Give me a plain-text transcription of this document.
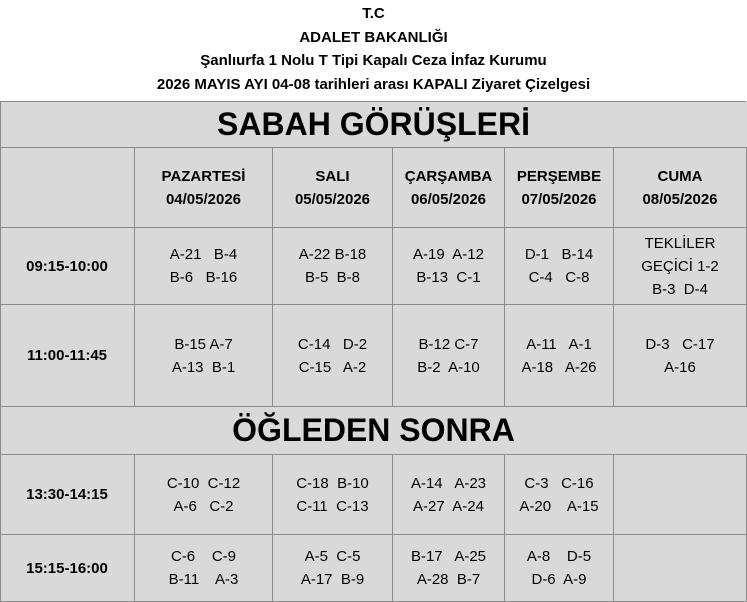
T.C
ADALET BAKANLIĞI
Şanlıurfa 1 Nolu T Tipi Kapalı Ceza İnfaz Kurumu
2026 MAYIS AYI 04-08 tarihleri arası KAPALI Ziyaret Çizelgesi
SABAH GÖRÜŞLERİ
PAZARTESİ
04/05/2026
SALI
05/05/2026
ÇARŞAMBA
06/05/2026
PERŞEMBE
07/05/2026
CUMA
08/05/2026
09:15-10:00
A-21   B-4
B-6   B-16
A-22 B-18
B-5  B-8
A-19  A-12
B-13  C-1
D-1   B-14
C-4   C-8
TEKLİLER
GEÇİCİ 1-2
B-3  D-4
11:00-11:45
B-15 A-7
A-13  B-1
C-14   D-2
C-15   A-2
B-12 C-7
B-2  A-10
A-11   A-1
A-18   A-26
D-3   C-17
A-16
ÖĞLEDEN SONRA
13:30-14:15
C-10  C-12
A-6   C-2
C-18  B-10
C-11  C-13
A-14   A-23
A-27  A-24
C-3   C-16
A-20    A-15
15:15-16:00
C-6    C-9
B-11    A-3
A-5  C-5
A-17  B-9
B-17   A-25
A-28  B-7
A-8    D-5
D-6  A-9
